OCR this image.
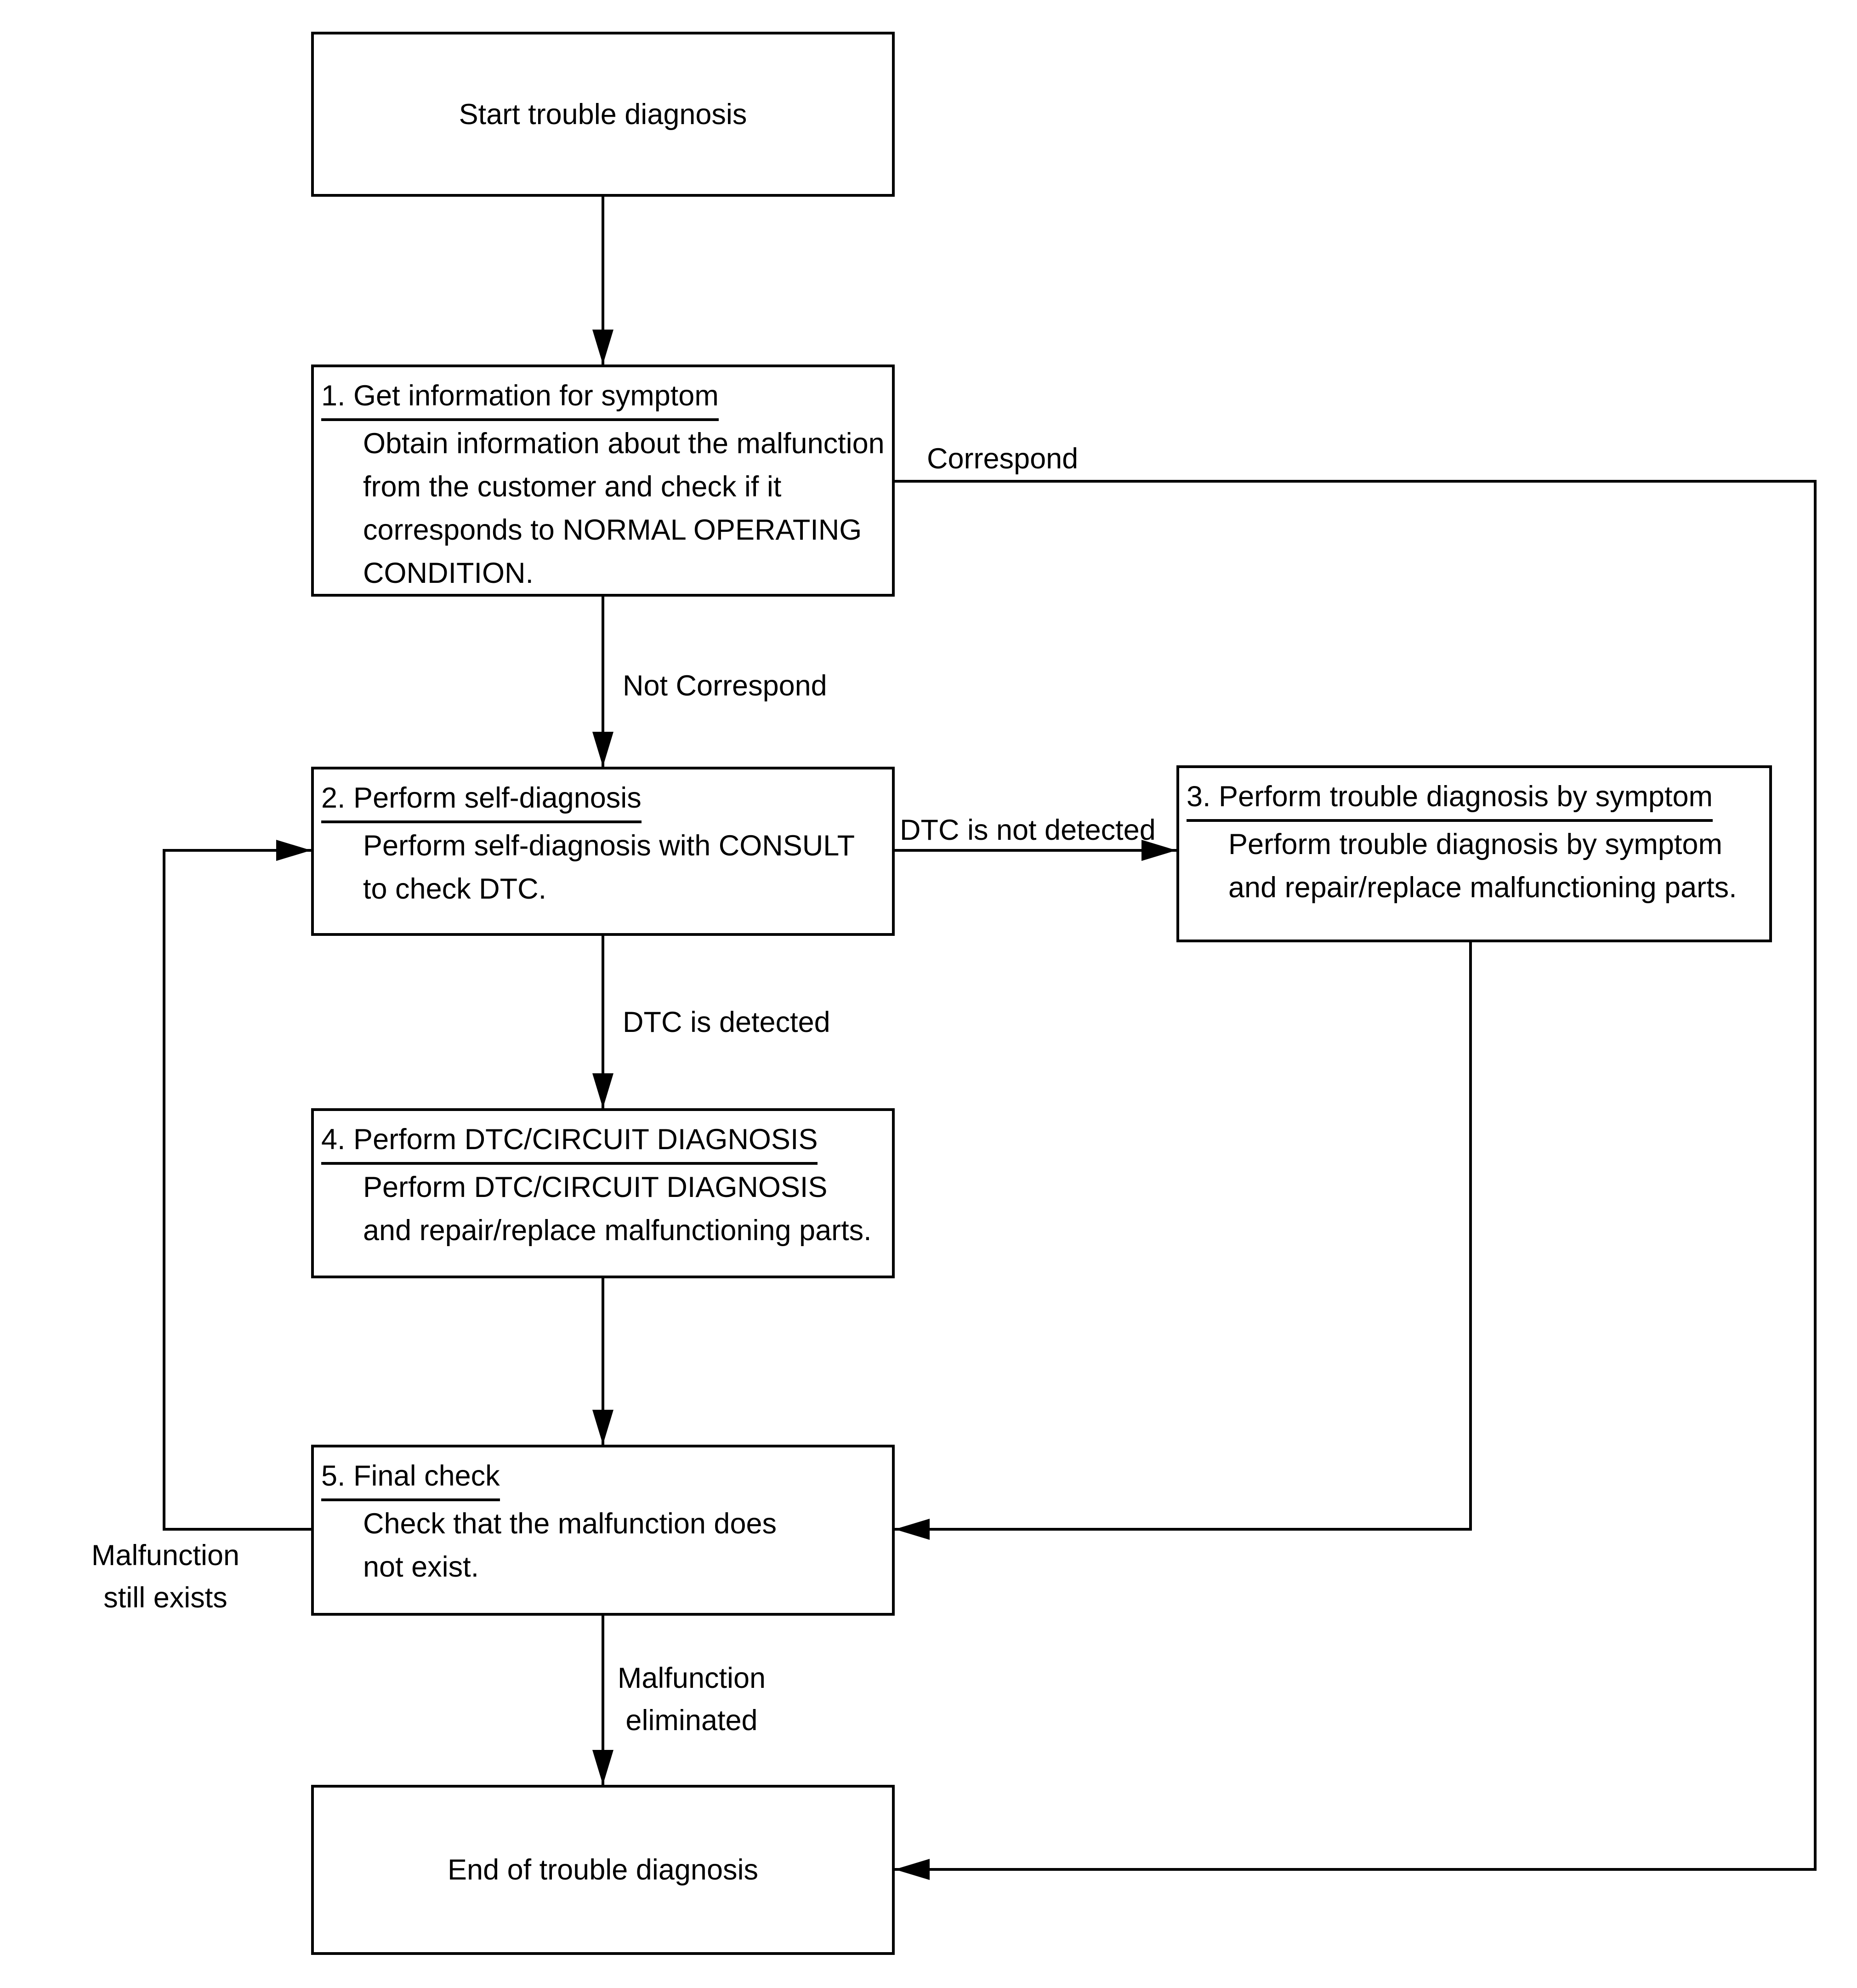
Start trouble diagnosis
1. Get information for symptom
Obtain information about the malfunction
from the customer and check if it
corresponds to NORMAL OPERATING
CONDITION.
2. Perform self-diagnosis
Perform self-diagnosis with CONSULT
to check DTC.
3. Perform trouble diagnosis by symptom
Perform trouble diagnosis by symptom
and repair/replace malfunctioning parts.
4. Perform DTC/CIRCUIT DIAGNOSIS
Perform DTC/CIRCUIT DIAGNOSIS
and repair/replace malfunctioning parts.
5. Final check
Check that the malfunction does
not exist.
End of trouble diagnosis
Correspond
Not Correspond
DTC is not detected
DTC is detected
Malfunction
still exists
Malfunction
eliminated
